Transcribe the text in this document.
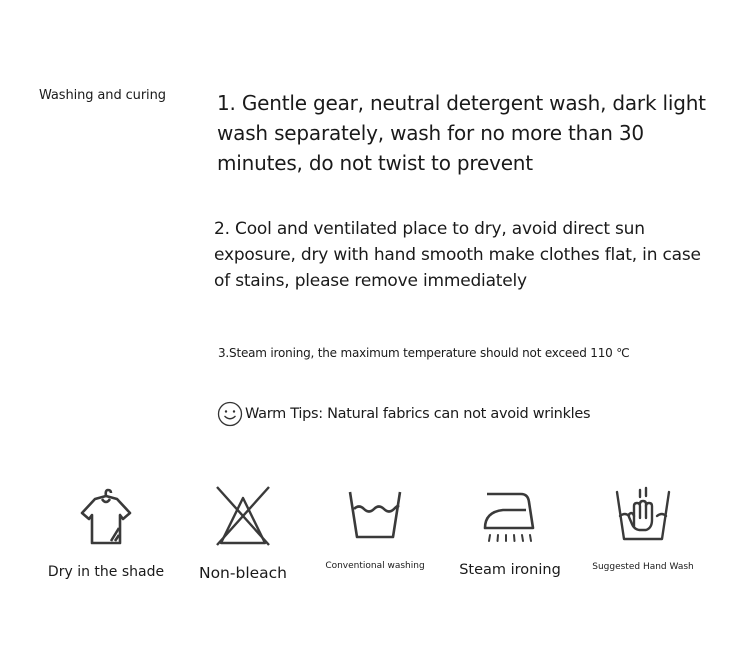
Washing and curing	1. Gentle gear, neutral detergent wash, dark light wash separately, wash for no more than 30 minutes, do not twist to prevent
2. Cool and ventilated place to dry, avoid direct sun exposure, dry with hand smooth make clothes flat, in case of stains, please remove immediately
3.Steam ironing, the maximum temperature should not exceed 110 ℃
Warm Tips: Natural fabrics can not avoid wrinkles
Dry in the shade	Non-bleach	Conventional washing	Steam ironing	Suggested Hand Wash
